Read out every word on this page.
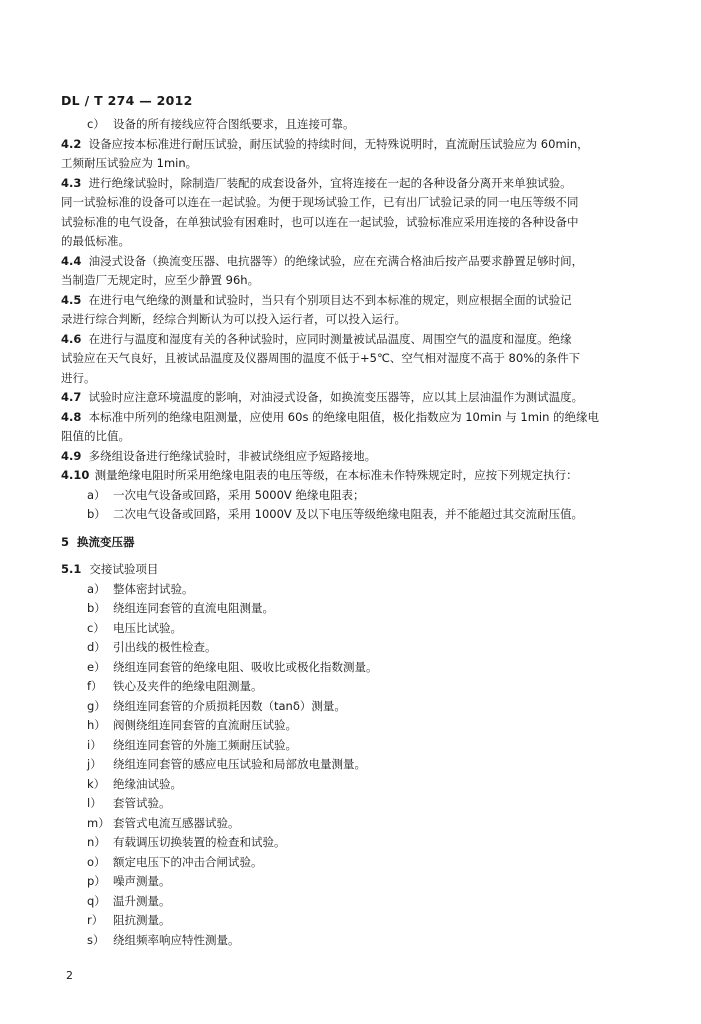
DL / T 274 — 2012
c） 设备的所有接线应符合图纸要求，且连接可靠。
4.2 设备应按本标准进行耐压试验，耐压试验的持续时间，无特殊说明时，直流耐压试验应为 60min，
工频耐压试验应为 1min。
4.3 进行绝缘试验时，除制造厂装配的成套设备外，宜将连接在一起的各种设备分离开来单独试验。
同一试验标准的设备可以连在一起试验。为便于现场试验工作，已有出厂试验记录的同一电压等级不同
试验标准的电气设备，在单独试验有困难时，也可以连在一起试验，试验标准应采用连接的各种设备中
的最低标准。
4.4 油浸式设备（换流变压器、电抗器等）的绝缘试验，应在充满合格油后按产品要求静置足够时间，
当制造厂无规定时，应至少静置 96h。
4.5 在进行电气绝缘的测量和试验时，当只有个别项目达不到本标准的规定，则应根据全面的试验记
录进行综合判断，经综合判断认为可以投入运行者，可以投入运行。
4.6 在进行与温度和湿度有关的各种试验时，应同时测量被试品温度、周围空气的温度和湿度。绝缘
试验应在天气良好，且被试品温度及仪器周围的温度不低于+5℃、空气相对湿度不高于 80%的条件下
进行。
4.7 试验时应注意环境温度的影响，对油浸式设备，如换流变压器等，应以其上层油温作为测试温度。
4.8 本标准中所列的绝缘电阻测量，应使用 60s 的绝缘电阻值，极化指数应为 10min 与 1min 的绝缘电
阻值的比值。
4.9 多绕组设备进行绝缘试验时，非被试绕组应予短路接地。
4.10 测量绝缘电阻时所采用绝缘电阻表的电压等级，在本标准未作特殊规定时，应按下列规定执行：
a） 一次电气设备或回路，采用 5000V 绝缘电阻表；
b） 二次电气设备或回路，采用 1000V 及以下电压等级绝缘电阻表，并不能超过其交流耐压值。
5 换流变压器
5.1 交接试验项目
a） 整体密封试验。
b） 绕组连同套管的直流电阻测量。
c） 电压比试验。
d） 引出线的极性检查。
e） 绕组连同套管的绝缘电阻、吸收比或极化指数测量。
f） 铁心及夹件的绝缘电阻测量。
g） 绕组连同套管的介质损耗因数（tanδ）测量。
h） 阀侧绕组连同套管的直流耐压试验。
i） 绕组连同套管的外施工频耐压试验。
j） 绕组连同套管的感应电压试验和局部放电量测量。
k） 绝缘油试验。
l） 套管试验。
m） 套管式电流互感器试验。
n） 有载调压切换装置的检查和试验。
o） 额定电压下的冲击合闸试验。
p） 噪声测量。
q） 温升测量。
r） 阻抗测量。
s） 绕组频率响应特性测量。
2
